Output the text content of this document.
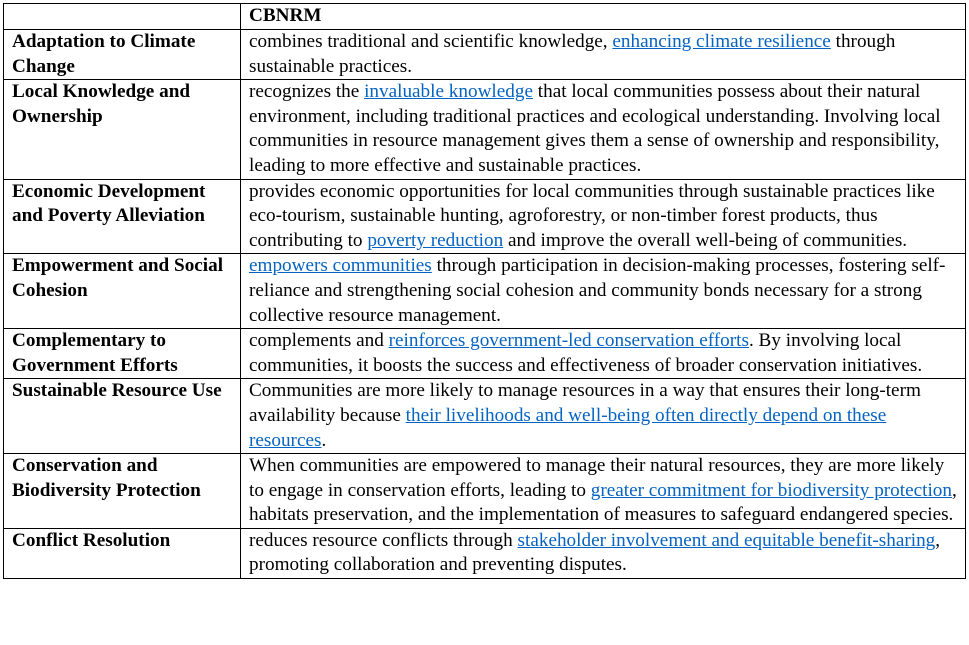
	CBNRM
Adaptation to Climate Change	combines traditional and scientific knowledge, enhancing climate resilience through sustainable practices.
Local Knowledge and Ownership	recognizes the invaluable knowledge that local communities possess about their natural environment, including traditional practices and ecological understanding. Involving local communities in resource management gives them a sense of ownership and responsibility, leading to more effective and sustainable practices.
Economic Development and Poverty Alleviation	provides economic opportunities for local communities through sustainable practices like eco-tourism, sustainable hunting, agroforestry, or non-timber forest products, thus contributing to poverty reduction and improve the overall well-being of communities.
Empowerment and Social Cohesion	empowers communities through participation in decision-making processes, fostering self-reliance and strengthening social cohesion and community bonds necessary for a strong collective resource management.
Complementary to Government Efforts	complements and reinforces government-led conservation efforts. By involving local communities, it boosts the success and effectiveness of broader conservation initiatives.
Sustainable Resource Use	Communities are more likely to manage resources in a way that ensures their long-term availability because their livelihoods and well-being often directly depend on these resources.
Conservation and Biodiversity Protection	When communities are empowered to manage their natural resources, they are more likely to engage in conservation efforts, leading to greater commitment for biodiversity protection, habitats preservation, and the implementation of measures to safeguard endangered species.
Conflict Resolution	reduces resource conflicts through stakeholder involvement and equitable benefit-sharing, promoting collaboration and preventing disputes.
